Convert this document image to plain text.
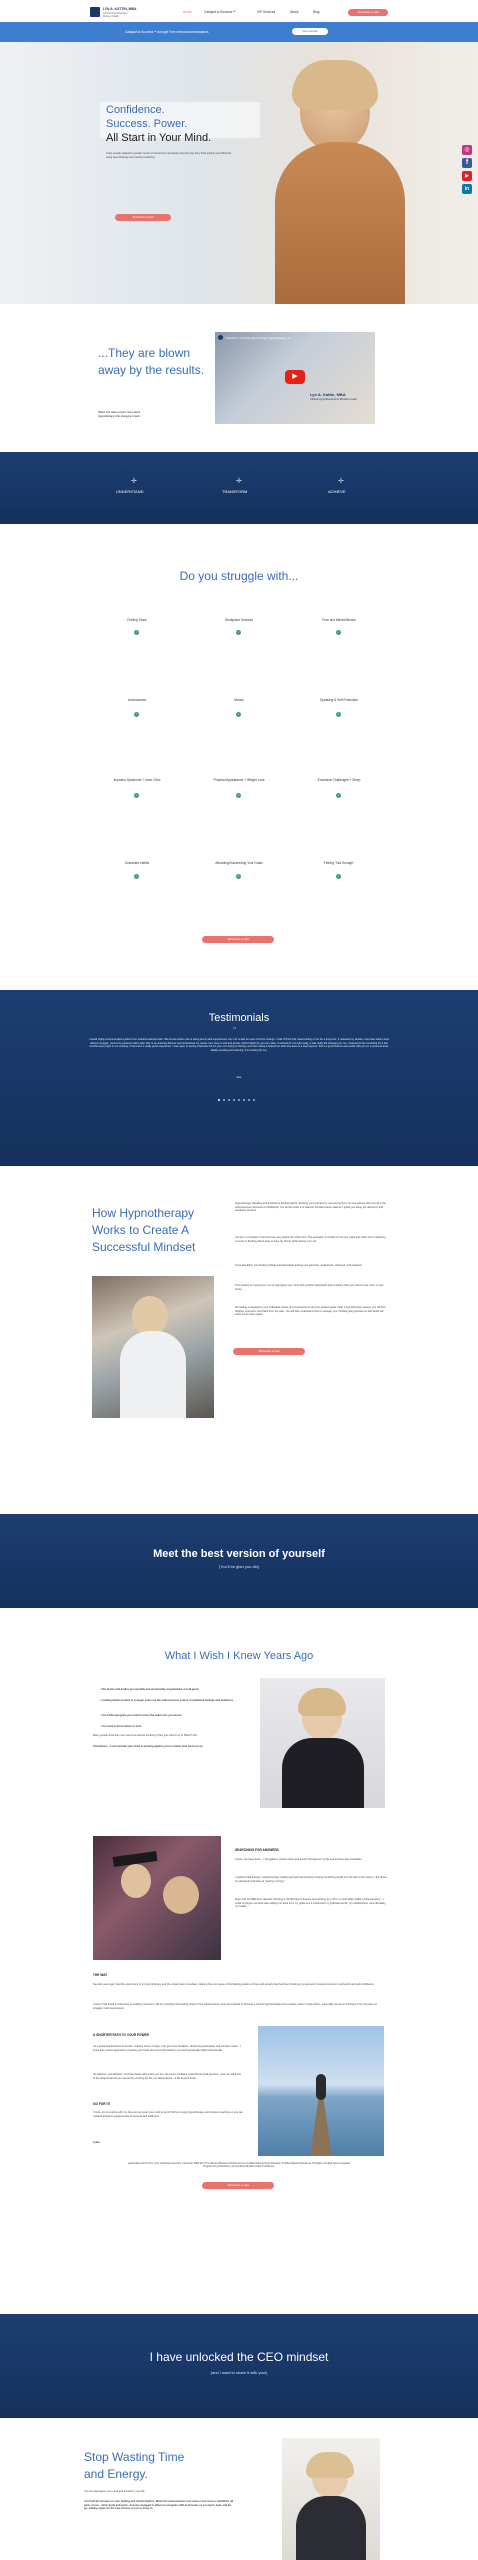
LYN A. KATTIN, MBA
Clinical Hypnotherapist
Mindset Coach
Home	Catapult to Success™	VIP Services	About	Blog	Schedule a Call
Catapult to Success™ and get Free extra accommodations	See Details
Confidence.
Success. Power.
All Start in Your Mind.
I help people catapult to greater levels of success by reprogramming the way they think quickly and efficiently using hypnotherapy and mindset coaching.
Schedule a Call
◎
f
▶
in
...They are blown
away by the results.
Watch this video to learn more about
Hypnotherapy's life-changing impact.
Transform Your Mindset through Hypnotherapy w...
▶
Lyn A. Kattin, MBA
Clinical Hypnotherapist & Mindset Coach
✛
UNDERSTAND
✛
TRANSFORM
✛
ACHIEVE
Do you struggle with...
Feeling Stuck
✓
Workplace Success
✓
Fear and Mental Blocks
✓
Anxiousness
✓
Money
✓
Speaking & Self Promotion
✓
Impostor Syndrome + Inner Critic
✓
Physical Appearance + Weight Loss
✓
Emotional Challenges + Sleep
✓
Unwanted Habits
✓
Attracting/Succeeding Your Goals
✓
Feeling "Not Enough"
✓
Schedule a Call
Testimonials
”
I would highly recommended Lydia for her transformational work. She knows what's she is doing and is well experienced. Her mix is with an open mind for change. I had 170 lbs that I was holding on for for a long time. It released my decide I can have what I want without struggle. I loved my sessions with Lydia. She is an amazing listener and understood my needs. Her voice is soft and gentle, which helpful so you can relax. It worked for me right away, it was really life changing for me. I listened to the recording for a few months every night in our existing. It has been a really good experience. I was open to seeing what else but it's your own being of therapy and she's always helped but what she does is a step beyond. She's a great listener and works with you on a personal level. Really amazing and relaxing. It is working for me.
Dee
How Hypnotherapy
Works to Create A
Successful Mindset
Hypnotherapy identifies and transforms limiting beliefs. Working your success by uncovering them (at root causes often found in the subconscious memories of childhood). You do this while in a relaxed, focused trance state as I guide you along the discovery and resolution process.
You are in complete control and are very aware the entire time. The sensation is similar to how you might feel when lost in watching a movie or thinking about what to have for dinner while driving your car.
Once identified, your limiting beliefs and associated feelings are explored, understood, reframed, and released.
This creates an opening for you to reprogram your mind with positive self-beliefs and emotions what you want to see more in your future.
All healing is targeted to your individual needs, and customized to aid your desired goals. After a hypnotherapy session you will feel brighter, energetic, and freed from the past. You will also understand how to manage your mindset going forward so self-belief will never be an issue again.
Schedule a Call
Meet the best version of yourself
(You'll be glad you did)
What I Wish I Knew Years Ago
• Our brains and bodies are mentally and emotionally programmed, not all good.
• Limiting beliefs formed in younger years are the subconscious source of unwanted feelings and behaviors.
• You CAN reprogram your mind to have the belief sets you desire.
• You need to know where to look.
Many people think they can overcome almost anything if they just tried to try to RIGHT this!
Sometimes... it can feel like your mind is working against you no matter how hard you try.
SEARCHING FOR ANSWERS
I know, I've been there - I struggled in random fears and doubts throughout my life and at times was miserable...
I explored talk therapy, complementary healing and spiritual practices hoping something would turn the tide of the misery. I felt driven by self-doubt and fears of "getting it wrong."
Even with an MBA from Harvard, climbing to 30,000 feet in finance and working as a VP in a multi-billion dollar media company... I could not figure out what was holding me back from my goals and it influenced my professional life, my relationships, and ultimately, my health.
THE WAY
Several years ago I had the opportunity to try hypnotherapy and the impact was immediate, clearing the root cause of the lifelong patterns of fear and anxiety that had been blocking my goal and I received a boost in self-worth and self-confidence.
I knew I had found a critical key to enabling success in life by unlocking the healing power of the subconscious mind, and trained to become a clinical hypnotherapist and mindset coach to help others, especially women in business, from the pains of struggle I had experienced.
A SHORTER PATH TO YOUR POWER
As a seasoned business executive, working seven of days, only got a few breakers, clinical hypnotherapist and mindset coach - I know this modern approach to healing your heart and mind will transform you both personally AND professionally.
It's effective, and efficient. You'll feel better about who you are, feel more confident, powerful and self assured - and you will thrive at the deepest levels you are worthy of living the life you desire about - a life beyond limits.
GO FOR IT!
I invite you to explore with me how we can reset your mind to work FOR you using hypnotherapy and mindset coaching so you can catapult ahead to greater levels of success and fulfillment.
Lydia
Lydia Kattin has his B.A. from Columbia University, Cincinnati, MBA from The Harvard Business School and is a Certified Clinical Hypnotherapist, Certified Master Practitioner Therapist, Certified Neuro-Linguistic Programming Practitioner, and Certified Mindset Coach Practitioner.
Schedule a Call
I have unlocked the CEO mindset
(and I want to share it with you!)
Stop Wasting Time
and Energy.
You can reprogram your mind and transform your life.
You hold the answers to your healing and transformation. When the subconscious root cause of an issue is identified, all parts of you - mind, body and spirit - become engaged to affect an energetic shift at all levels so you learn, heal, and let go, making space for the new version of you to move in.
